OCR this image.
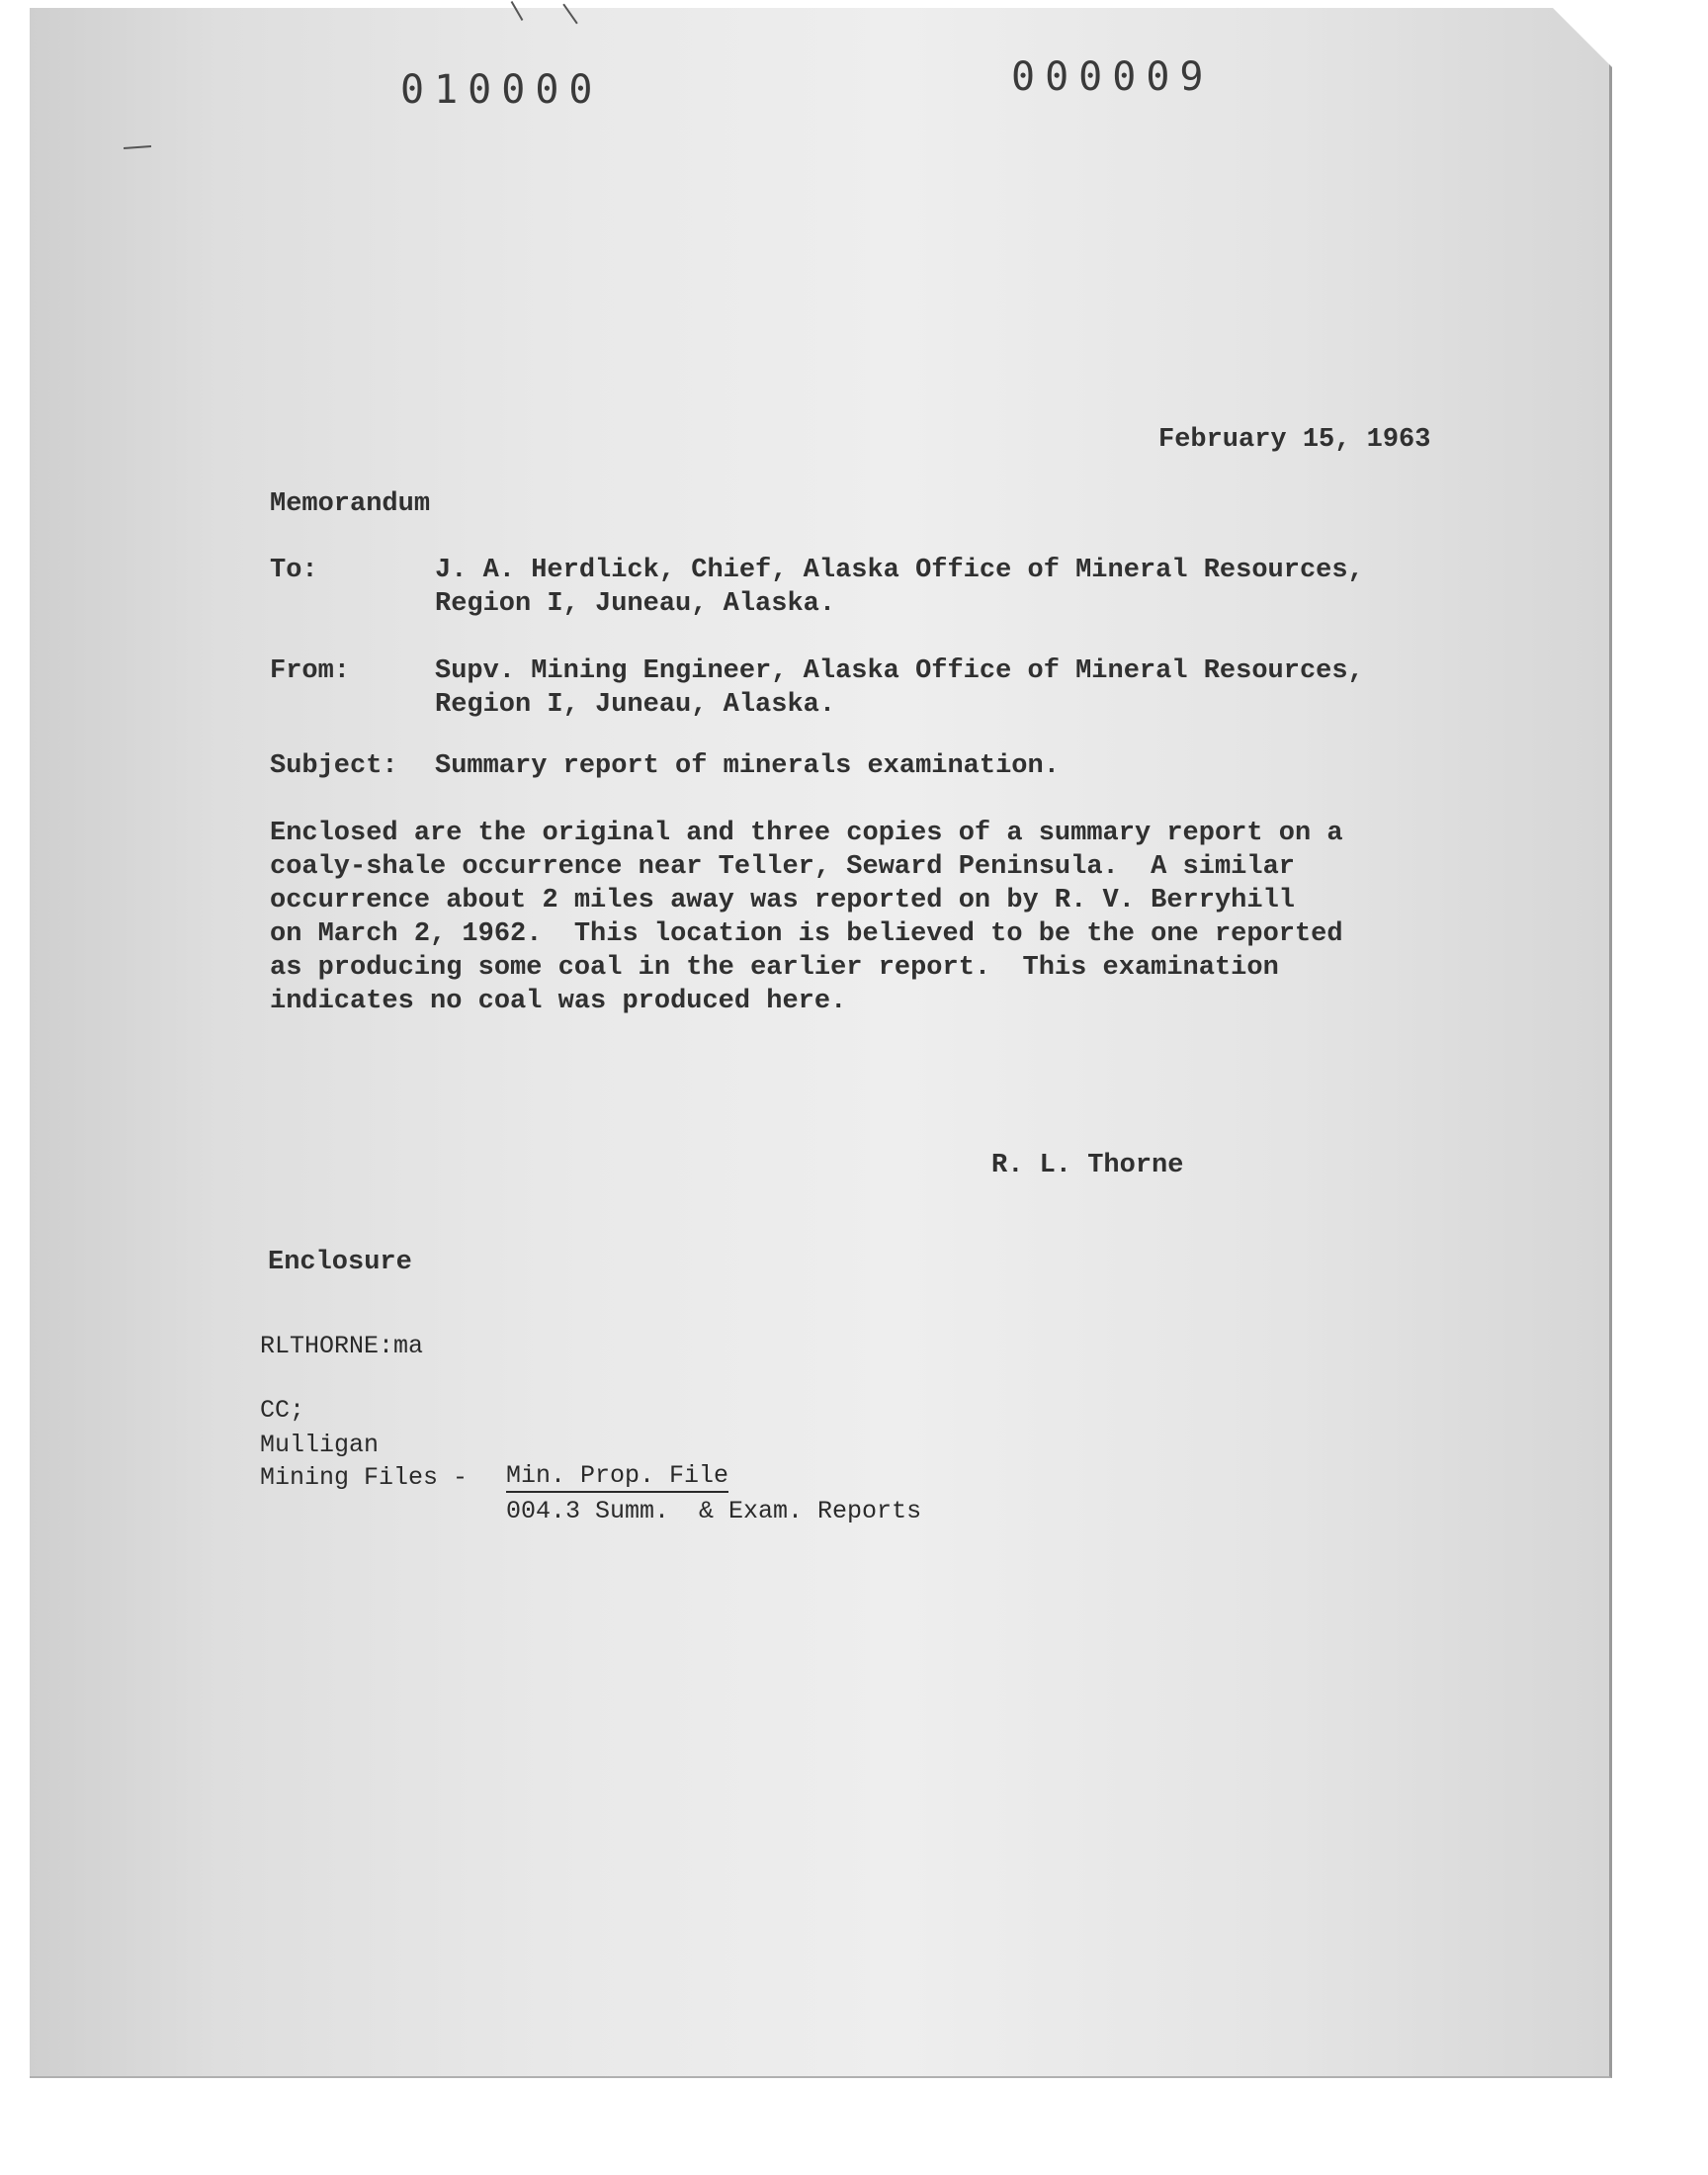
010000	000009
February 15, 1963
Memorandum
To:	J. A. Herdlick, Chief, Alaska Office of Mineral Resources,
Region I, Juneau, Alaska.
From:	Supv. Mining Engineer, Alaska Office of Mineral Resources,
Region I, Juneau, Alaska.
Subject: Summary report of minerals examination.
Enclosed are the original and three copies of a summary report on a
coaly-shale occurrence near Teller, Seward Peninsula.  A similar
occurrence about 2 miles away was reported on by R. V. Berryhill
on March 2, 1962.  This location is believed to be the one reported
as producing some coal in the earlier report.  This examination
indicates no coal was produced here.
R. L. Thorne
Enclosure
RLTHORNE:ma
CC;
Mulligan
Mining Files - Min. Prop. File
004.3 Summ.  & Exam. Reports
